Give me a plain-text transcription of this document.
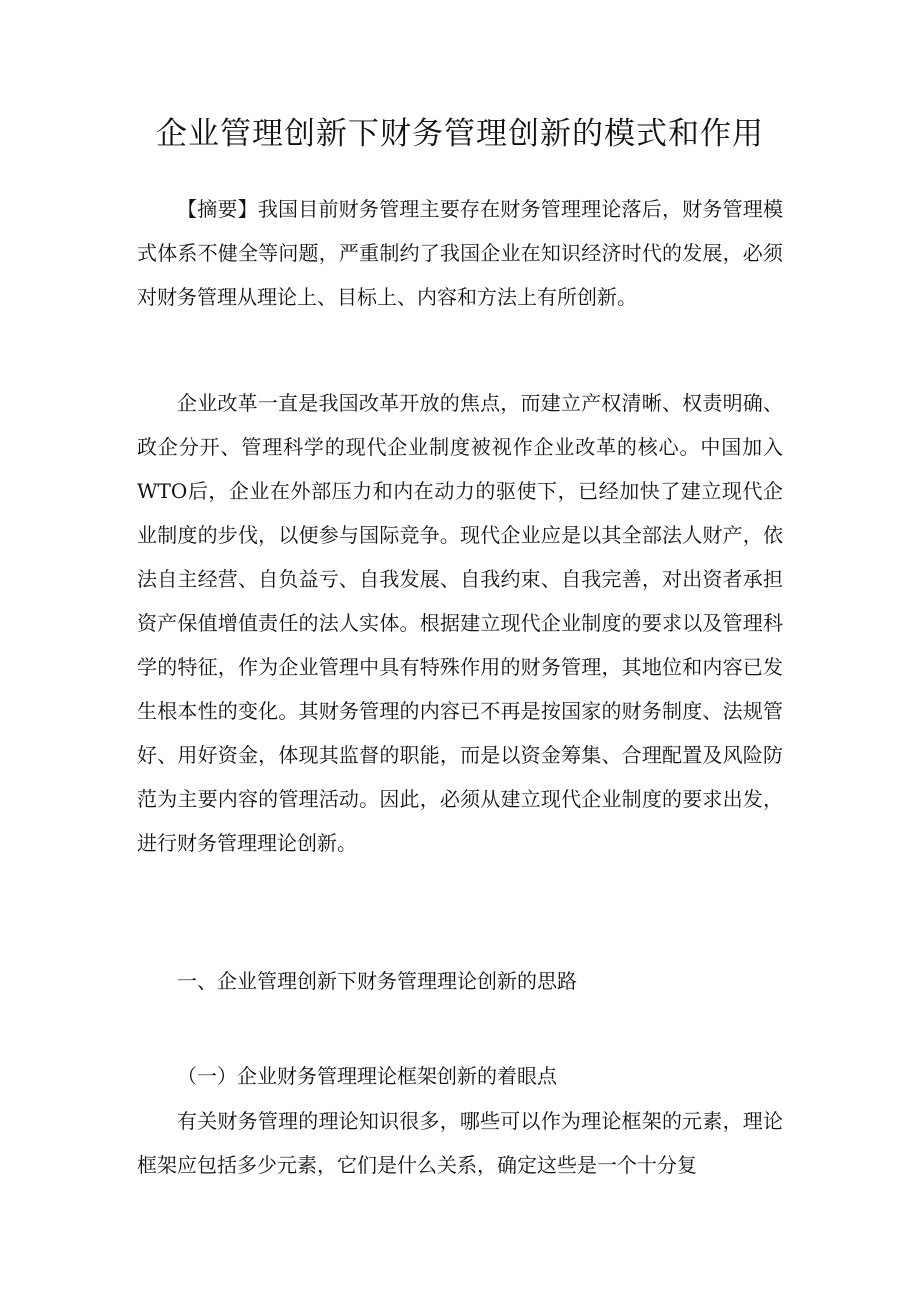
企业管理创新下财务管理创新的模式和作用

【摘要】我国目前财务管理主要存在财务管理理论落后，财务管理模式体系不健全等问题，严重制约了我国企业在知识经济时代的发展，必须对财务管理从理论上、目标上、内容和方法上有所创新。

企业改革一直是我国改革开放的焦点，而建立产权清晰、权责明确、政企分开、管理科学的现代企业制度被视作企业改革的核心。中国加入WTO后，企业在外部压力和内在动力的驱使下，已经加快了建立现代企业制度的步伐，以便参与国际竞争。现代企业应是以其全部法人财产，依法自主经营、自负益亏、自我发展、自我约束、自我完善，对出资者承担资产保值增值责任的法人实体。根据建立现代企业制度的要求以及管理科学的特征，作为企业管理中具有特殊作用的财务管理，其地位和内容已发生根本性的变化。其财务管理的内容已不再是按国家的财务制度、法规管好、用好资金，体现其监督的职能，而是以资金筹集、合理配置及风险防范为主要内容的管理活动。因此，必须从建立现代企业制度的要求出发，进行财务管理理论创新。

一、企业管理创新下财务管理理论创新的思路

（一）企业财务管理理论框架创新的着眼点

有关财务管理的理论知识很多，哪些可以作为理论框架的元素，理论框架应包括多少元素，它们是什么关系，确定这些是一个十分复
